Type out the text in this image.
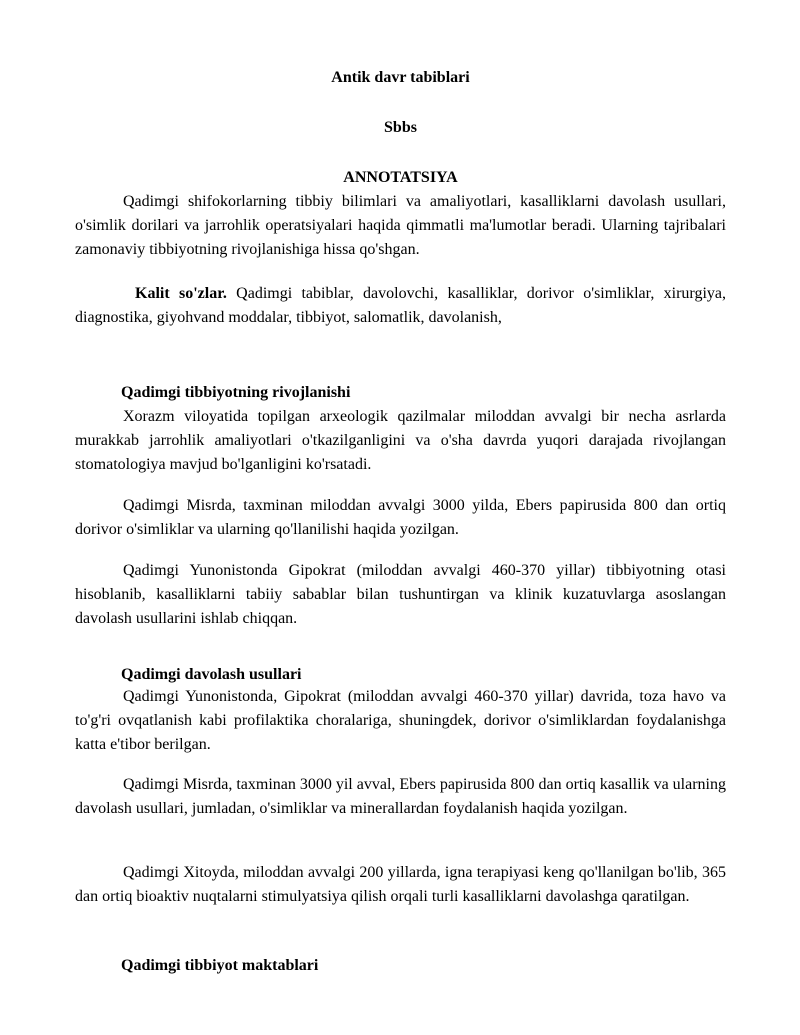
Antik davr tabiblari

Sbbs

ANNOTATSIYA

Qadimgi shifokorlarning tibbiy bilimlari va amaliyotlari, kasalliklarni davolash usullari, o'simlik dorilari va jarrohlik operatsiyalari haqida qimmatli ma'lumotlar beradi. Ularning tajribalari zamonaviy tibbiyotning rivojlanishiga hissa qo'shgan.

Kalit so'zlar. Qadimgi tabiblar, davolovchi, kasalliklar, dorivor o'simliklar, xirurgiya, diagnostika, giyohvand moddalar, tibbiyot, salomatlik, davolanish,

Qadimgi tibbiyotning rivojlanishi

Xorazm viloyatida topilgan arxeologik qazilmalar miloddan avvalgi bir necha asrlarda murakkab jarrohlik amaliyotlari o'tkazilganligini va o'sha davrda yuqori darajada rivojlangan stomatologiya mavjud bo'lganligini ko'rsatadi.

Qadimgi Misrda, taxminan miloddan avvalgi 3000 yilda, Ebers papirusida 800 dan ortiq dorivor o'simliklar va ularning qo'llanilishi haqida yozilgan.

Qadimgi Yunonistonda Gipokrat (miloddan avvalgi 460-370 yillar) tibbiyotning otasi hisoblanib, kasalliklarni tabiiy sabablar bilan tushuntirgan va klinik kuzatuvlarga asoslangan davolash usullarini ishlab chiqqan.

Qadimgi davolash usullari

Qadimgi Yunonistonda, Gipokrat (miloddan avvalgi 460-370 yillar) davrida, toza havo va to'g'ri ovqatlanish kabi profilaktika choralariga, shuningdek, dorivor o'simliklardan foydalanishga katta e'tibor berilgan.

Qadimgi Misrda, taxminan 3000 yil avval, Ebers papirusida 800 dan ortiq kasallik va ularning davolash usullari, jumladan, o'simliklar va minerallardan foydalanish haqida yozilgan.

Qadimgi Xitoyda, miloddan avvalgi 200 yillarda, igna terapiyasi keng qo'llanilgan bo'lib, 365 dan ortiq bioaktiv nuqtalarni stimulyatsiya qilish orqali turli kasalliklarni davolashga qaratilgan.

Qadimgi tibbiyot maktablari
